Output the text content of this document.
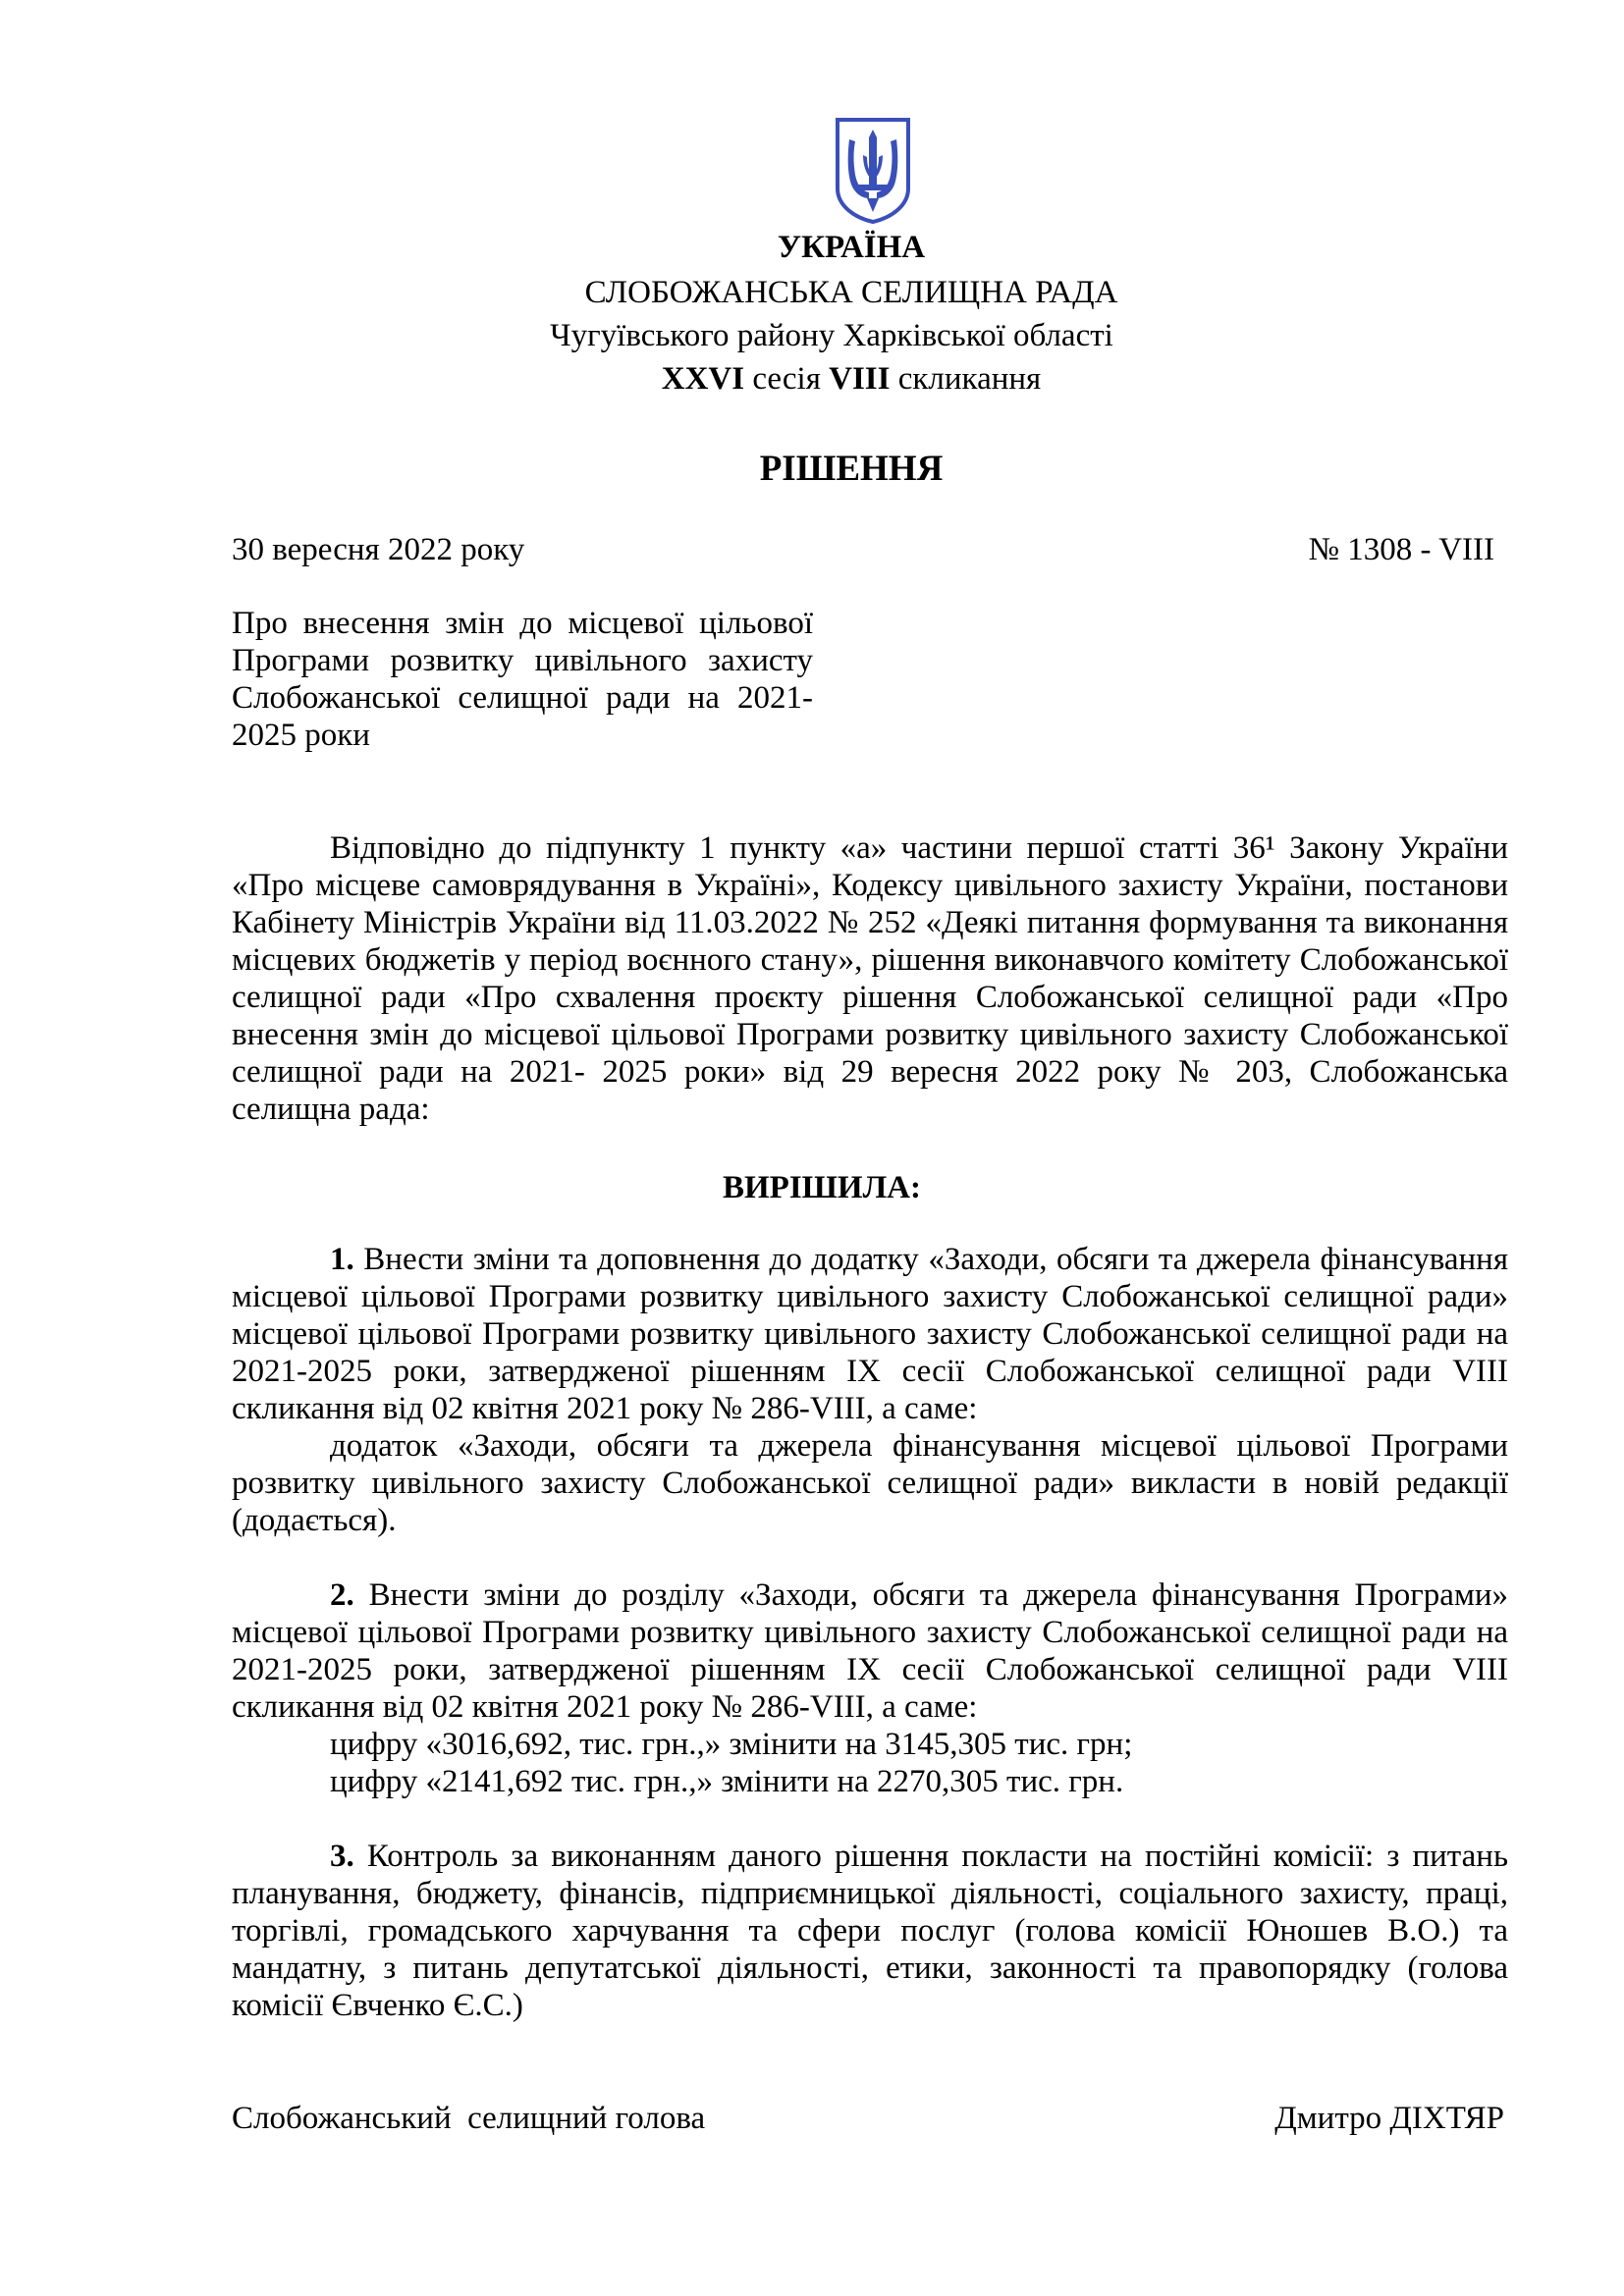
УКРАЇНА
СЛОБОЖАНСЬКА СЕЛИЩНА РАДА
Чугуївського району Харківської області
XXVI сесія VIII скликання
РІШЕННЯ
30 вересня 2022 року	№ 1308 - VIII

Про внесення змін до місцевої цільової Програми розвитку цивільного захисту Слобожанської селищної ради на 2021-2025 роки

Відповідно до підпункту 1 пункту «а» частини першої статті 36¹ Закону України «Про місцеве самоврядування в Україні», Кодексу цивільного захисту України, постанови Кабінету Міністрів України від 11.03.2022 № 252 «Деякі питання формування та виконання місцевих бюджетів у період воєнного стану», рішення виконавчого комітету Слобожанської селищної ради «Про схвалення проєкту рішення Слобожанської селищної ради «Про внесення змін до місцевої цільової Програми розвитку цивільного захисту Слобожанської селищної ради на 2021- 2025 роки» від 29 вересня 2022 року № 203, Слобожанська селищна рада:

ВИРІШИЛА:

1. Внести зміни та доповнення до додатку «Заходи, обсяги та джерела фінансування місцевої цільової Програми розвитку цивільного захисту Слобожанської селищної ради» місцевої цільової Програми розвитку цивільного захисту Слобожанської селищної ради на 2021-2025 роки, затвердженої рішенням IX сесії Слобожанської селищної ради VIII скликання від 02 квітня 2021 року № 286-VIII, а саме:

додаток «Заходи, обсяги та джерела фінансування місцевої цільової Програми розвитку цивільного захисту Слобожанської селищної ради» викласти в новій редакції (додається).

2. Внести зміни до розділу «Заходи, обсяги та джерела фінансування Програми» місцевої цільової Програми розвитку цивільного захисту Слобожанської селищної ради на 2021-2025 роки, затвердженої рішенням IX сесії Слобожанської селищної ради VIII скликання від 02 квітня 2021 року № 286-VIII, а саме:

цифру «3016,692, тис. грн.,» змінити на 3145,305 тис. грн;
цифру «2141,692 тис. грн.,» змінити на 2270,305 тис. грн.

3. Контроль за виконанням даного рішення покласти на постійні комісії: з питань планування, бюджету, фінансів, підприємницької діяльності, соціального захисту, праці, торгівлі, громадського харчування та сфери послуг (голова комісії Юношев В.О.) та мандатну, з питань депутатської діяльності, етики, законності та правопорядку (голова комісії Євченко Є.С.)

Слобожанський  селищний голова	Дмитро ДІХТЯР
